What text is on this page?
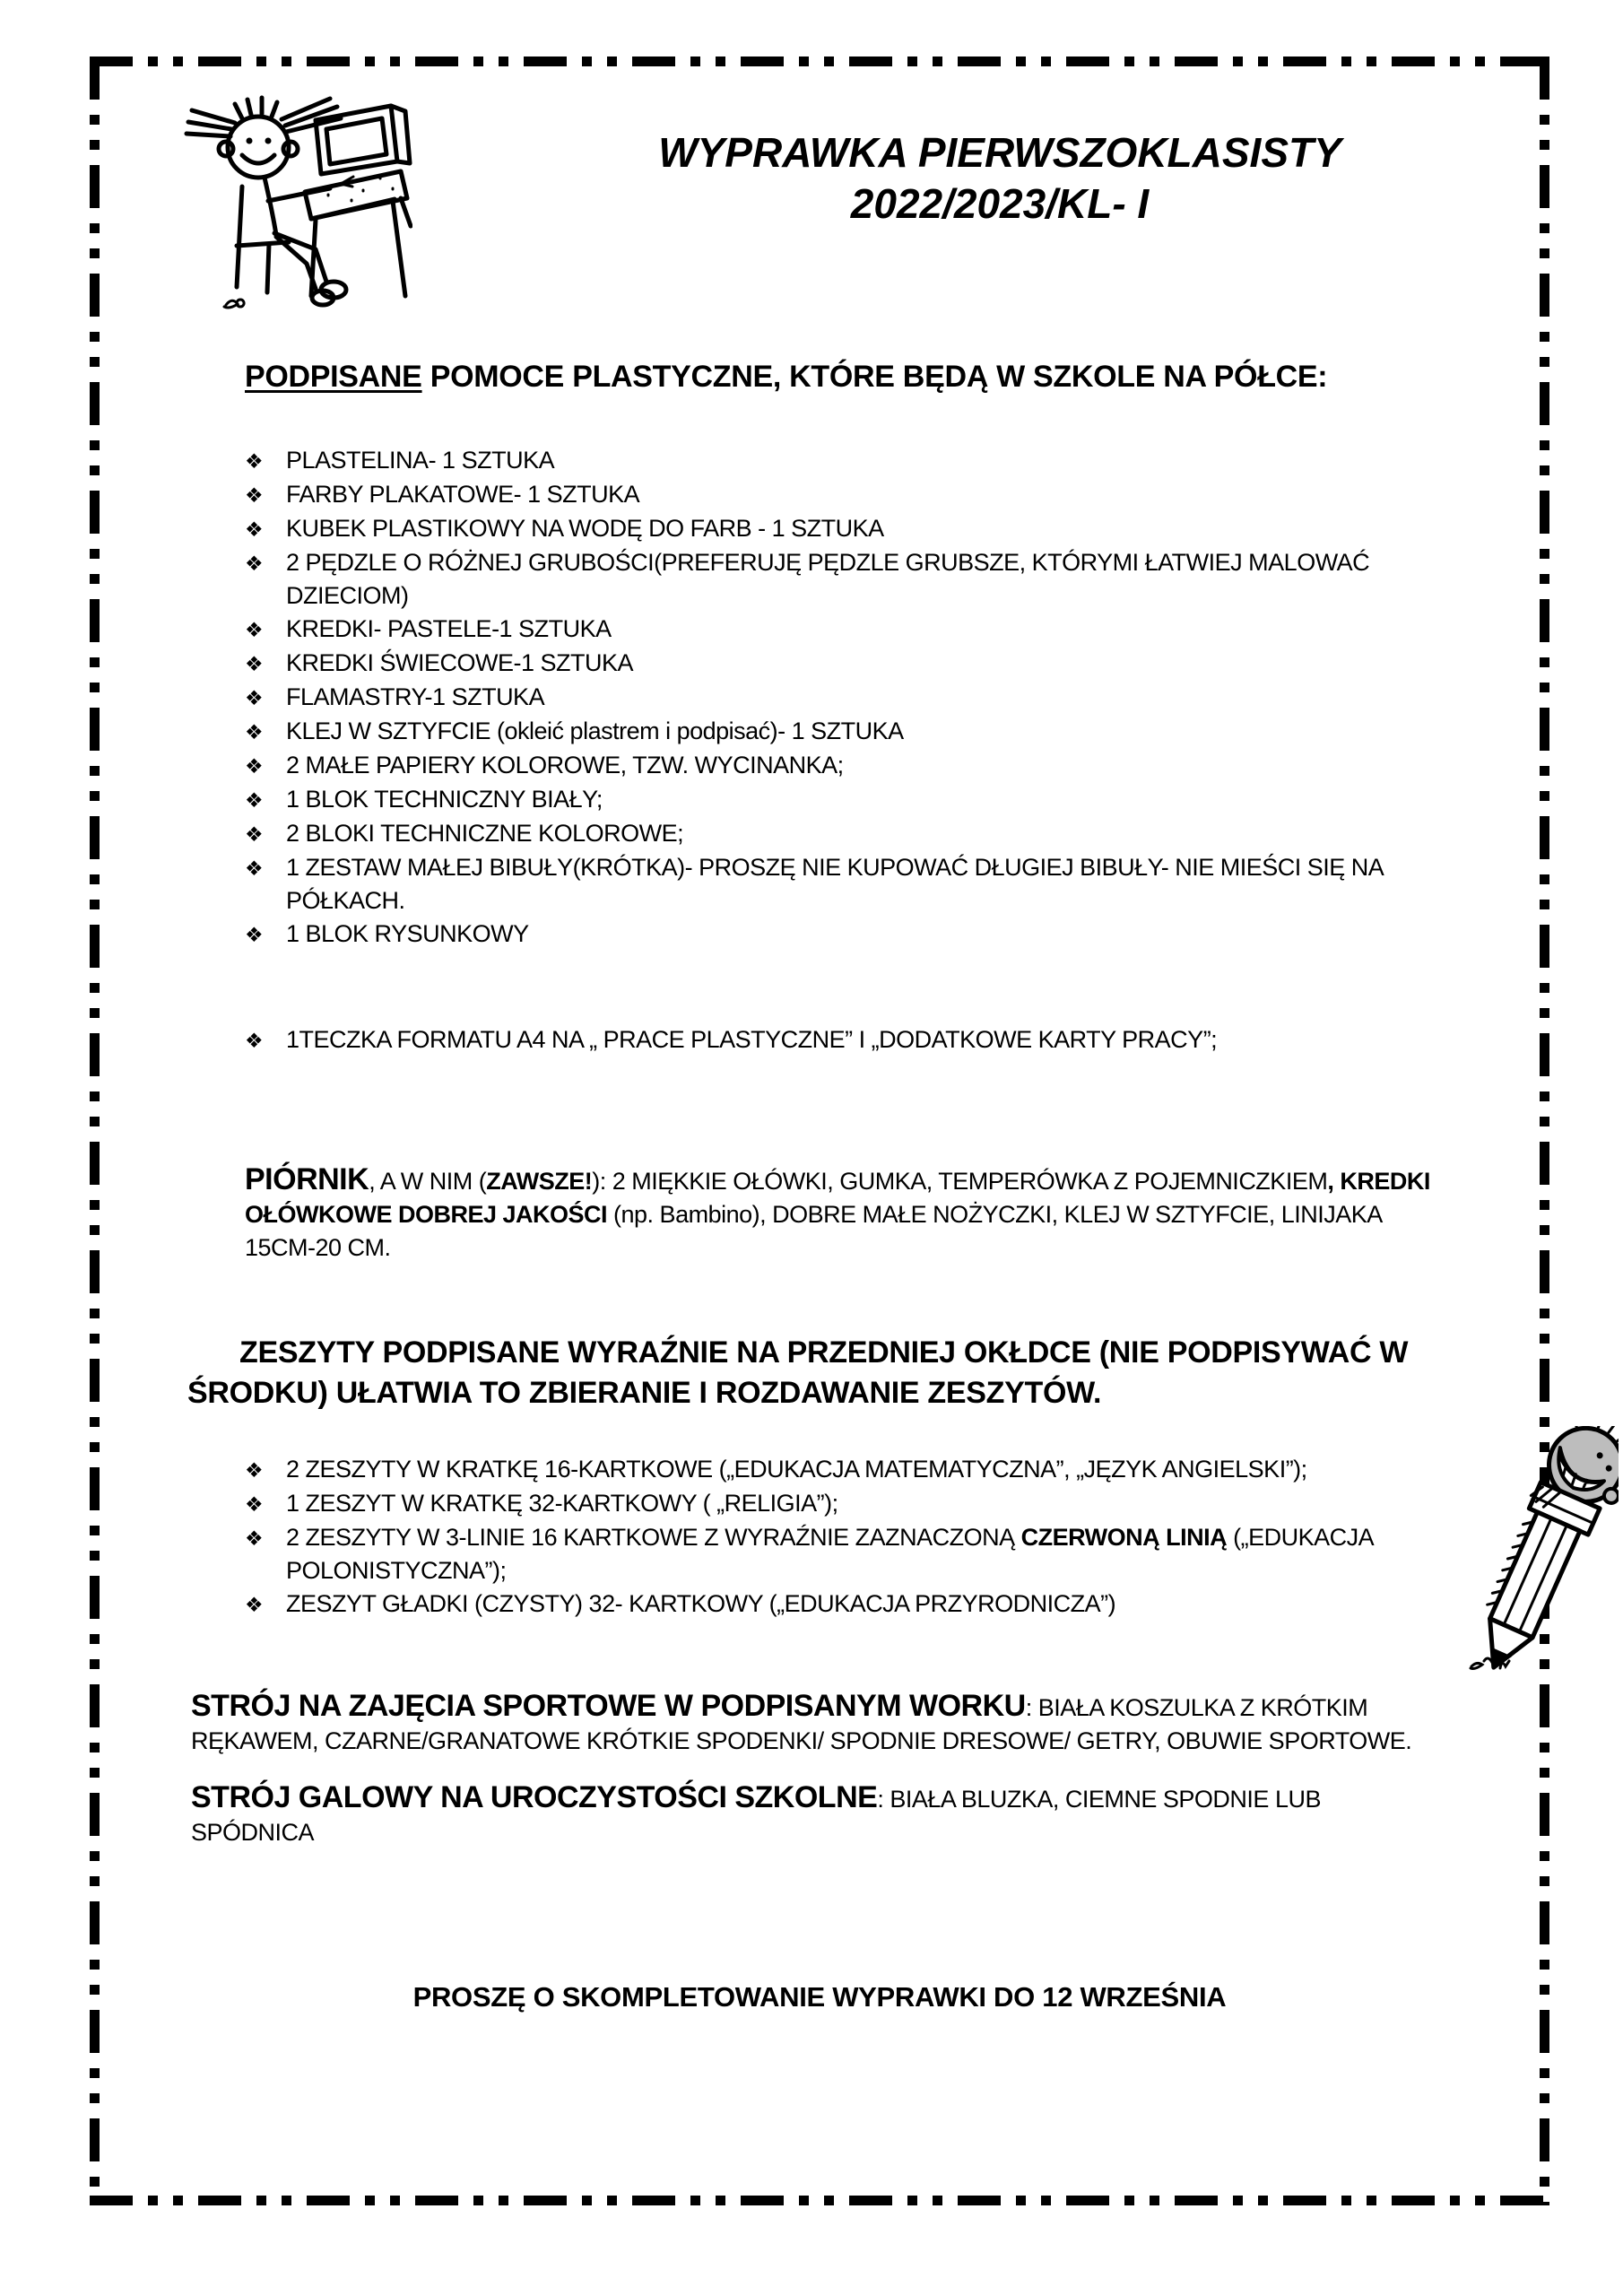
WYPRAWKA PIERWSZOKLASISTY
2022/2023/KL- I
PODPISANE POMOCE PLASTYCZNE, KTÓRE BĘDĄ W SZKOLE NA PÓŁCE:
❖ PLASTELINA- 1 SZTUKA
❖ FARBY PLAKATOWE- 1 SZTUKA
❖ KUBEK PLASTIKOWY NA WODĘ DO FARB - 1 SZTUKA
❖ 2 PĘDZLE O RÓŻNEJ GRUBOŚCI(PREFERUJĘ PĘDZLE GRUBSZE, KTÓRYMI ŁATWIEJ MALOWAĆ DZIECIOM)
❖ KREDKI- PASTELE-1 SZTUKA
❖ KREDKI ŚWIECOWE-1 SZTUKA
❖ FLAMASTRY-1 SZTUKA
❖ KLEJ W SZTYFCIE (okleić plastrem i podpisać)- 1 SZTUKA
❖ 2 MAŁE PAPIERY KOLOROWE, TZW. WYCINANKA;
❖ 1 BLOK TECHNICZNY BIAŁY;
❖ 2 BLOKI TECHNICZNE KOLOROWE;
❖ 1 ZESTAW MAŁEJ BIBUŁY(KRÓTKA)- PROSZĘ NIE KUPOWAĆ DŁUGIEJ BIBUŁY- NIE MIEŚCI SIĘ NA PÓŁKACH.
❖ 1 BLOK RYSUNKOWY
❖ 1TECZKA FORMATU A4 NA „ PRACE PLASTYCZNE” I „DODATKOWE KARTY PRACY”;
PIÓRNIK, A W NIM (ZAWSZE!): 2 MIĘKKIE OŁÓWKI, GUMKA, TEMPERÓWKA Z POJEMNICZKIEM, KREDKI OŁÓWKOWE DOBREJ JAKOŚCI (np. Bambino), DOBRE MAŁE NOŻYCZKI, KLEJ W SZTYFCIE, LINIJAKA 15CM-20 CM.
ZESZYTY PODPISANE WYRAŹNIE NA PRZEDNIEJ OKŁDCE (NIE PODPISYWAĆ W ŚRODKU) UŁATWIA TO ZBIERANIE I ROZDAWANIE ZESZYTÓW.
❖ 2 ZESZYTY W KRATKĘ 16-KARTKOWE („EDUKACJA MATEMATYCZNA”, „JĘZYK ANGIELSKI”);
❖ 1 ZESZYT W KRATKĘ 32-KARTKOWY ( „RELIGIA”);
❖ 2 ZESZYTY W 3-LINIE 16 KARTKOWE Z WYRAŹNIE ZAZNACZONĄ CZERWONĄ LINIĄ („EDUKACJA POLONISTYCZNA”);
❖ ZESZYT GŁADKI (CZYSTY) 32- KARTKOWY („EDUKACJA PRZYRODNICZA”)
STRÓJ NA ZAJĘCIA SPORTOWE W PODPISANYM WORKU: BIAŁA KOSZULKA Z KRÓTKIM RĘKAWEM, CZARNE/GRANATOWE KRÓTKIE SPODENKI/ SPODNIE DRESOWE/ GETRY, OBUWIE SPORTOWE.
STRÓJ GALOWY NA UROCZYSTOŚCI SZKOLNE: BIAŁA BLUZKA, CIEMNE SPODNIE LUB SPÓDNICA
PROSZĘ O SKOMPLETOWANIE WYPRAWKI DO 12 WRZEŚNIA
